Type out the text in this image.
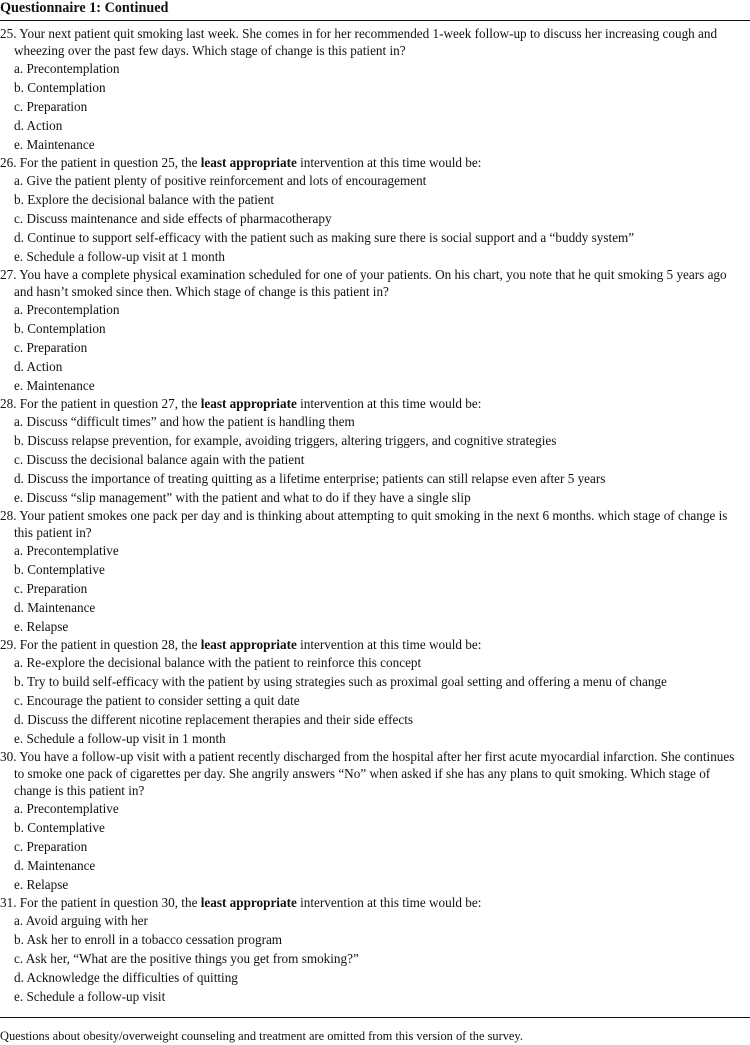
Questionnaire 1: Continued

25. Your next patient quit smoking last week. She comes in for her recommended 1-week follow-up to discuss her increasing cough and wheezing over the past few days. Which stage of change is this patient in?

a. Precontemplation

b. Contemplation

c. Preparation

d. Action

e. Maintenance

26. For the patient in question 25, the least appropriate intervention at this time would be:

a. Give the patient plenty of positive reinforcement and lots of encouragement

b. Explore the decisional balance with the patient

c. Discuss maintenance and side effects of pharmacotherapy

d. Continue to support self-efficacy with the patient such as making sure there is social support and a “buddy system”

e. Schedule a follow-up visit at 1 month

27. You have a complete physical examination scheduled for one of your patients. On his chart, you note that he quit smoking 5 years ago and hasn’t smoked since then. Which stage of change is this patient in?

a. Precontemplation

b. Contemplation

c. Preparation

d. Action

e. Maintenance

28. For the patient in question 27, the least appropriate intervention at this time would be:

a. Discuss “difficult times” and how the patient is handling them

b. Discuss relapse prevention, for example, avoiding triggers, altering triggers, and cognitive strategies

c. Discuss the decisional balance again with the patient

d. Discuss the importance of treating quitting as a lifetime enterprise; patients can still relapse even after 5 years

e. Discuss “slip management” with the patient and what to do if they have a single slip

28. Your patient smokes one pack per day and is thinking about attempting to quit smoking in the next 6 months. which stage of change is this patient in?

a. Precontemplative

b. Contemplative

c. Preparation

d. Maintenance

e. Relapse

29. For the patient in question 28, the least appropriate intervention at this time would be:

a. Re-explore the decisional balance with the patient to reinforce this concept

b. Try to build self-efficacy with the patient by using strategies such as proximal goal setting and offering a menu of change

c. Encourage the patient to consider setting a quit date

d. Discuss the different nicotine replacement therapies and their side effects

e. Schedule a follow-up visit in 1 month

30. You have a follow-up visit with a patient recently discharged from the hospital after her first acute myocardial infarction. She continues to smoke one pack of cigarettes per day. She angrily answers “No” when asked if she has any plans to quit smoking. Which stage of change is this patient in?

a. Precontemplative

b. Contemplative

c. Preparation

d. Maintenance

e. Relapse

31. For the patient in question 30, the least appropriate intervention at this time would be:

a. Avoid arguing with her

b. Ask her to enroll in a tobacco cessation program

c. Ask her, “What are the positive things you get from smoking?”

d. Acknowledge the difficulties of quitting

e. Schedule a follow-up visit

Questions about obesity/overweight counseling and treatment are omitted from this version of the survey.
